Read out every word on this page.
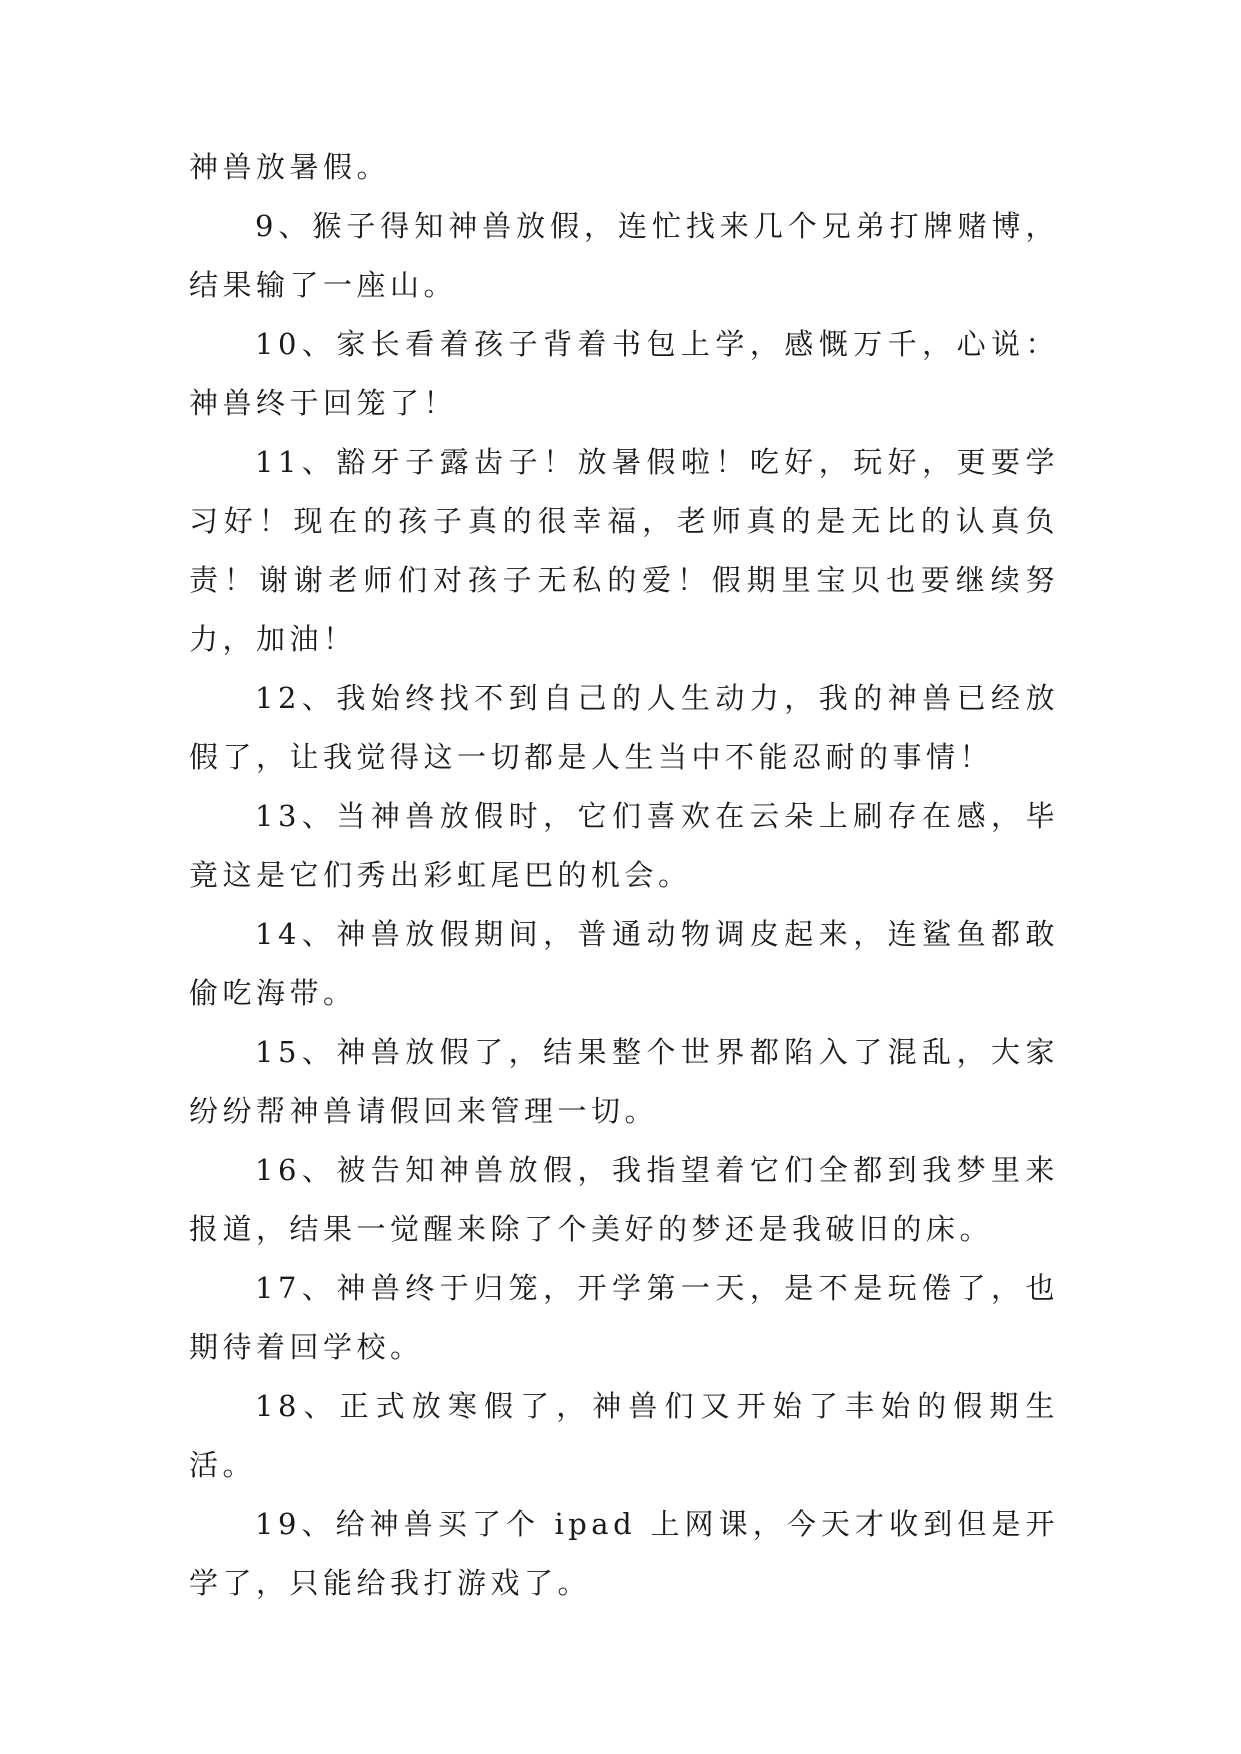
神兽放暑假。

9、猴子得知神兽放假，连忙找来几个兄弟打牌赌博，结果输了一座山。

10、家长看着孩子背着书包上学，感慨万千，心说：神兽终于回笼了！

11、豁牙子露齿子！放暑假啦！吃好，玩好，更要学习好！现在的孩子真的很幸福，老师真的是无比的认真负责！谢谢老师们对孩子无私的爱！假期里宝贝也要继续努力，加油！

12、我始终找不到自己的人生动力，我的神兽已经放假了，让我觉得这一切都是人生当中不能忍耐的事情！

13、当神兽放假时，它们喜欢在云朵上刷存在感，毕竟这是它们秀出彩虹尾巴的机会。

14、神兽放假期间，普通动物调皮起来，连鲨鱼都敢偷吃海带。

15、神兽放假了，结果整个世界都陷入了混乱，大家纷纷帮神兽请假回来管理一切。

16、被告知神兽放假，我指望着它们全都到我梦里来报道，结果一觉醒来除了个美好的梦还是我破旧的床。

17、神兽终于归笼，开学第一天，是不是玩倦了，也期待着回学校。

18、正式放寒假了，神兽们又开始了丰始的假期生活。

19、给神兽买了个 ipad 上网课，今天才收到但是开学了，只能给我打游戏了。
